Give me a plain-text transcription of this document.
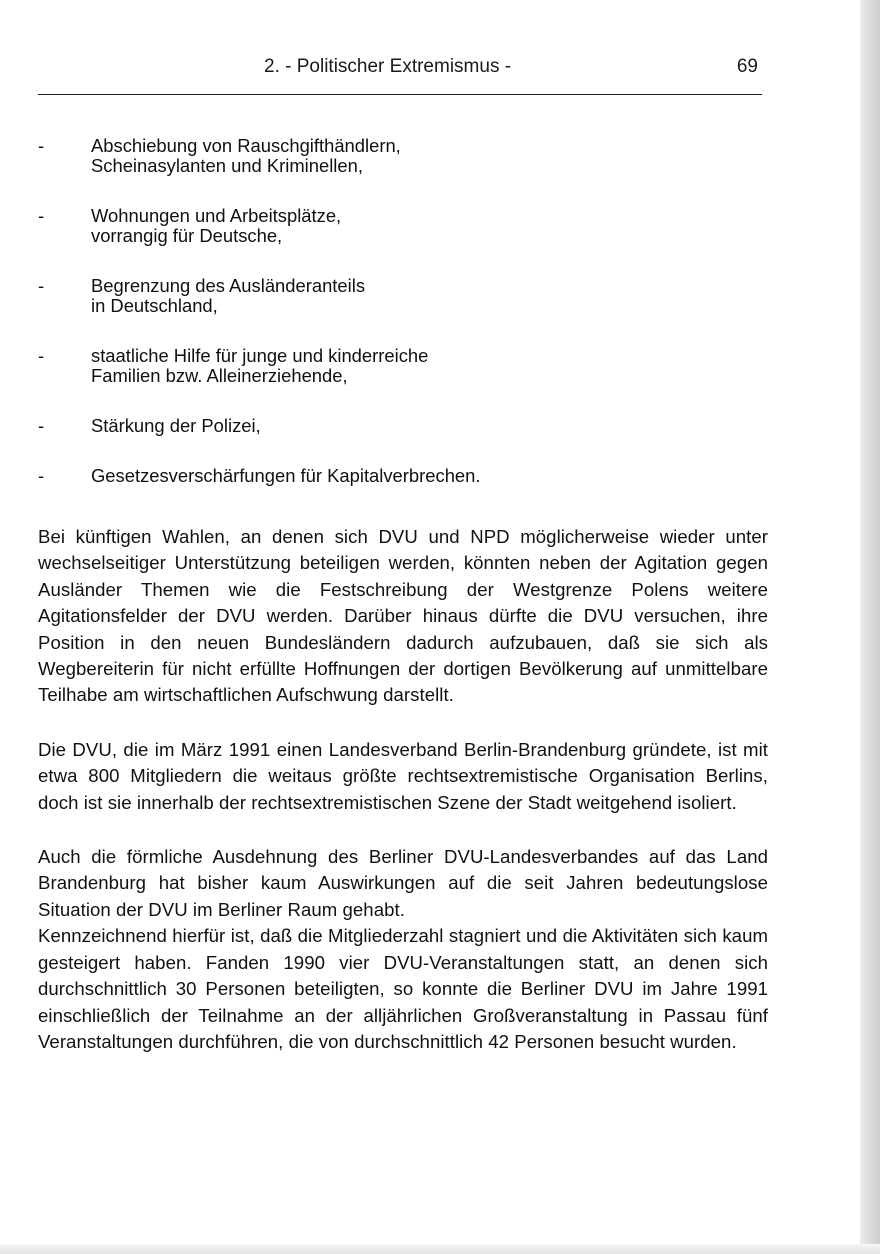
2. - Politischer Extremismus -	69
-	Abschiebung von Rauschgifthändlern,
Scheinasylanten und Kriminellen,
-	Wohnungen und Arbeitsplätze,
vorrangig für Deutsche,
-	Begrenzung des Ausländeranteils
in Deutschland,
-	staatliche Hilfe für junge und kinderreiche
Familien bzw. Alleinerziehende,
-	Stärkung der Polizei,
-	Gesetzesverschärfungen für Kapitalverbrechen.

Bei künftigen Wahlen, an denen sich DVU und NPD möglicherweise wieder unter wechselseitiger Unterstützung beteiligen werden, könnten neben der Agitation gegen Ausländer Themen wie die Festschreibung der Westgrenze Polens weitere Agitationsfelder der DVU werden. Darüber hinaus dürfte die DVU versuchen, ihre Position in den neuen Bundesländern dadurch aufzubauen, daß sie sich als Wegbereiterin für nicht erfüllte Hoffnungen der dortigen Bevölkerung auf unmittelbare Teilhabe am wirtschaftlichen Aufschwung darstellt.

Die DVU, die im März 1991 einen Landesverband Berlin-Brandenburg gründete, ist mit etwa 800 Mitgliedern die weitaus größte rechtsextremistische Organisation Berlins, doch ist sie innerhalb der rechtsextremistischen Szene der Stadt weitgehend isoliert.

Auch die förmliche Ausdehnung des Berliner DVU-Landesverbandes auf das Land Brandenburg hat bisher kaum Auswirkungen auf die seit Jahren bedeutungslose Situation der DVU im Berliner Raum gehabt.

Kennzeichnend hierfür ist, daß die Mitgliederzahl stagniert und die Aktivitäten sich kaum gesteigert haben. Fanden 1990 vier DVU-Veranstaltungen statt, an denen sich durchschnittlich 30 Personen beteiligten, so konnte die Berliner DVU im Jahre 1991 einschließlich der Teilnahme an der alljährlichen Großveranstaltung in Passau fünf Veranstaltungen durchführen, die von durchschnittlich 42 Personen besucht wurden.
